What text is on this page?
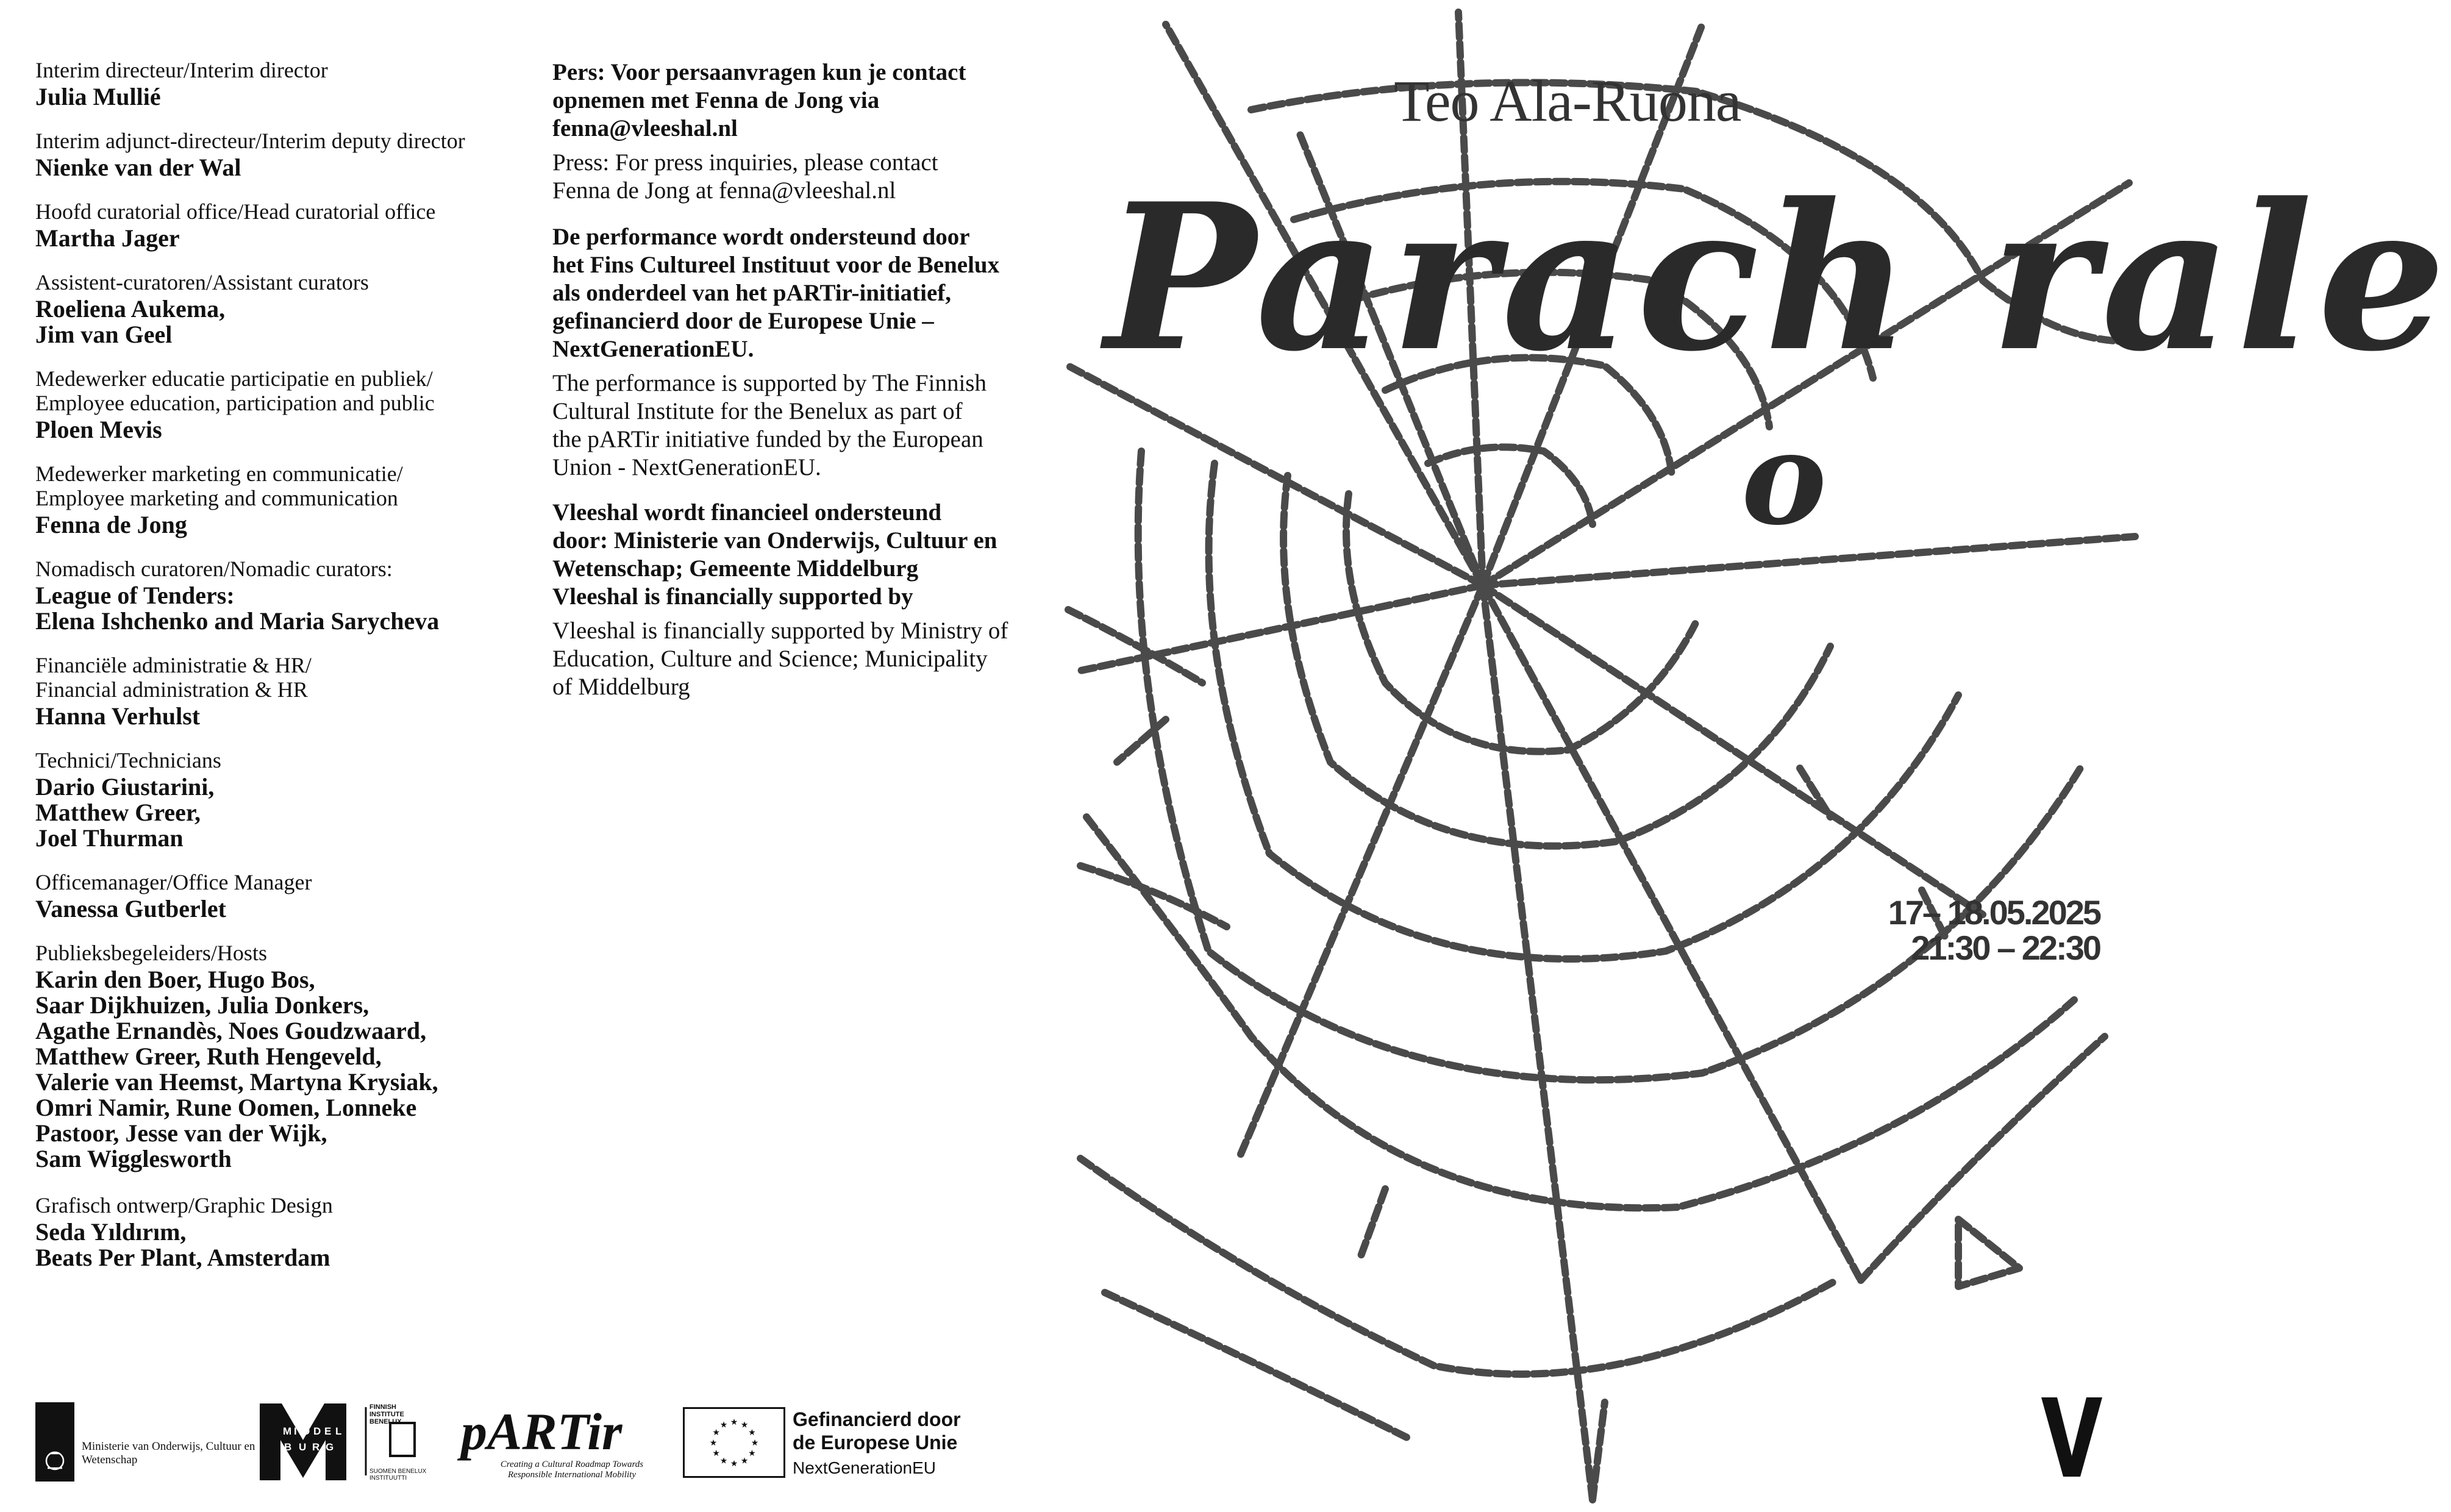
Interim directeur/Interim director
Julia Mullié
Interim adjunct-directeur/Interim deputy director
Nienke van der Wal
Hoofd curatorial office/Head curatorial office
Martha Jager
Assistent-curatoren/Assistant curators
Roeliena Aukema,
Jim van Geel
Medewerker educatie participatie en publiek/
Employee education, participation and public
Ploen Mevis
Medewerker marketing en communicatie/
Employee marketing and communication
Fenna de Jong
Nomadisch curatoren/Nomadic curators:
League of Tenders:
Elena Ishchenko and Maria Sarycheva
Financiële administratie & HR/
Financial administration & HR
Hanna Verhulst
Technici/Technicians
Dario Giustarini,
Matthew Greer,
Joel Thurman
Officemanager/Office Manager
Vanessa Gutberlet
Publieksbegeleiders/Hosts
Karin den Boer, Hugo Bos,
Saar Dijkhuizen, Julia Donkers,
Agathe Ernandès, Noes Goudzwaard,
Matthew Greer, Ruth Hengeveld,
Valerie van Heemst, Martyna Krysiak,
Omri Namir, Rune Oomen, Lonneke
Pastoor, Jesse van der Wijk,
Sam Wigglesworth
Grafisch ontwerp/Graphic Design
Seda Yıldırım,
Beats Per Plant, Amsterdam
Pers: Voor persaanvragen kun je contact
opnemen met Fenna de Jong via
fenna@vleeshal.nl
Press: For press inquiries, please contact
Fenna de Jong at fenna@vleeshal.nl
De performance wordt ondersteund door
het Fins Cultureel Instituut voor de Benelux
als onderdeel van het pARTir-initiatief,
gefinancierd door de Europese Unie –
NextGenerationEU.
The performance is supported by The Finnish
Cultural Institute for the Benelux as part of
the pARTir initiative funded by the European
Union - NextGenerationEU.
Vleeshal wordt financieel ondersteund
door: Ministerie van Onderwijs, Cultuur en
Wetenschap; Gemeente Middelburg
Vleeshal is financially supported by
Vleeshal is financially supported by Ministry of
Education, Culture and Science; Municipality
of Middelburg
Ministerie van Onderwijs, Cultuur en Wetenschap
M I D D E L
B U R G
FINNISH INSTITUTE BENELUX
SUOMEN BENELUX INSTITUUTTI
pARTir
Creating a Cultural Roadmap Towards Responsible International Mobility
★ ★
★
★
★
★
★
★
★
★
★
★	Gefinancierd door
de Europese Unie
NextGenerationEU
Teo Ala-Ruona
Parach rale
o
17– 18.05.2025
21:30 – 22:30
